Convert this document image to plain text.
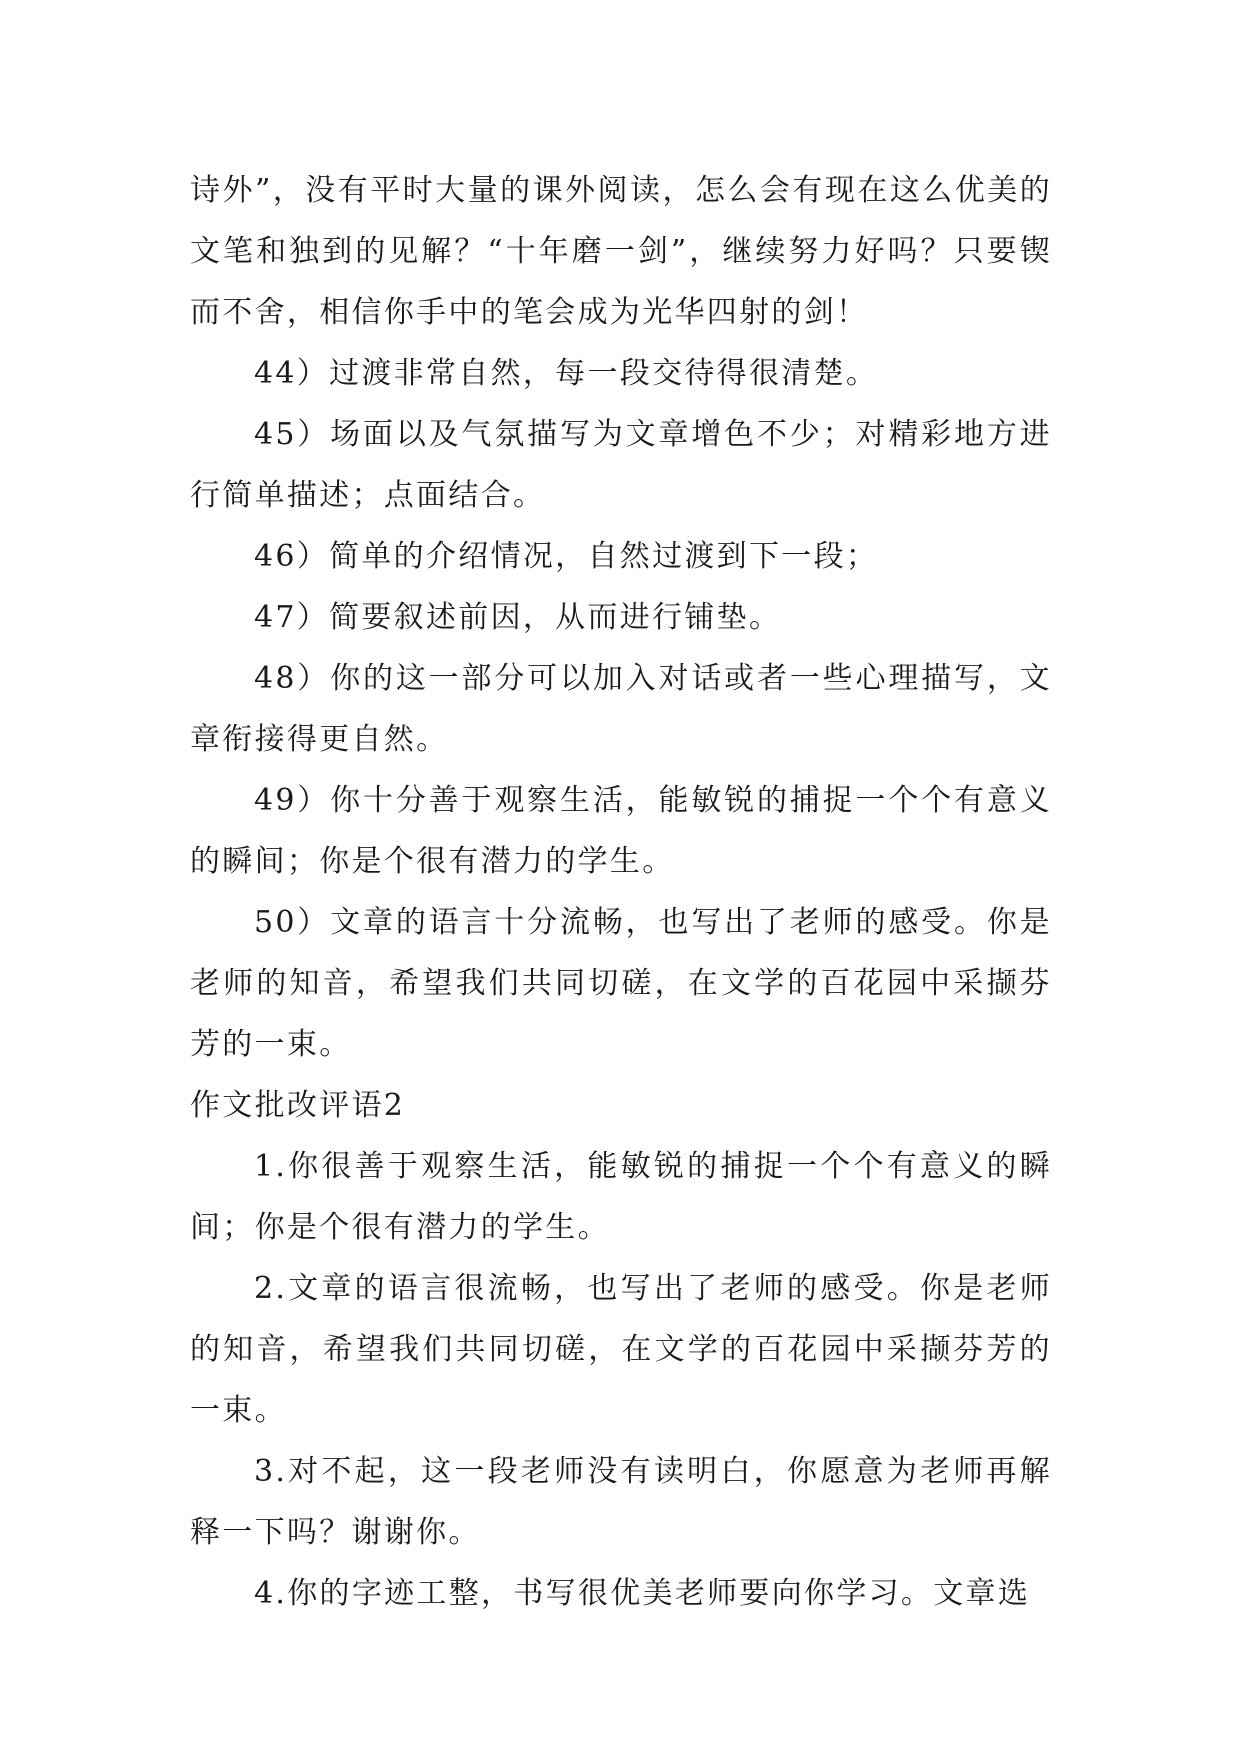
诗外”，没有平时大量的课外阅读，怎么会有现在这么优美的文笔和独到的见解？“十年磨一剑”，继续努力好吗？只要锲而不舍，相信你手中的笔会成为光华四射的剑！

44）过渡非常自然，每一段交待得很清楚。

45）场面以及气氛描写为文章增色不少；对精彩地方进行简单描述；点面结合。

46）简单的介绍情况，自然过渡到下一段；

47）简要叙述前因，从而进行铺垫。

48）你的这一部分可以加入对话或者一些心理描写，文章衔接得更自然。

49）你十分善于观察生活，能敏锐的捕捉一个个有意义的瞬间；你是个很有潜力的学生。

50）文章的语言十分流畅，也写出了老师的感受。你是老师的知音，希望我们共同切磋，在文学的百花园中采撷芬芳的一束。

作文批改评语2

1.你很善于观察生活，能敏锐的捕捉一个个有意义的瞬间；你是个很有潜力的学生。

2.文章的语言很流畅，也写出了老师的感受。你是老师的知音，希望我们共同切磋，在文学的百花园中采撷芬芳的一束。

3.对不起，这一段老师没有读明白，你愿意为老师再解释一下吗？谢谢你。

4.你的字迹工整，书写很优美老师要向你学习。文章选
